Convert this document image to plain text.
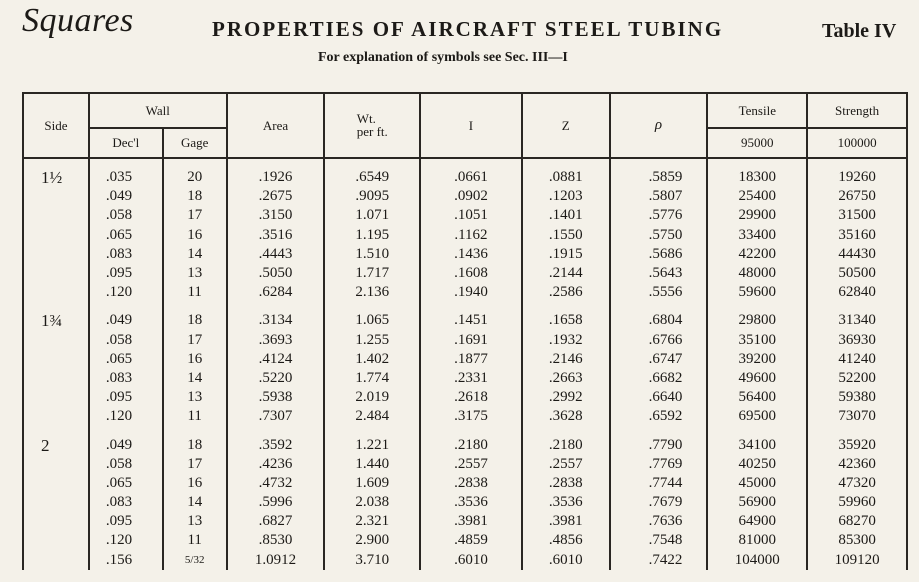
Squares	PROPERTIES OF AIRCRAFT STEEL TUBING	Table IV
For explanation of symbols see Sec. III—I
Side	Wall		Area	Wt.
per ft.	I	Z	ρ	Tensile	Strength
	Dec'l	Gage						95000	100000
1½	.035	20	.1926	.6549	.0661	.0881	.5859	18300	19260
	.049	18	.2675	.9095	.0902	.1203	.5807	25400	26750
	.058	17	.3150	1.071	.1051	.1401	.5776	29900	31500
	.065	16	.3516	1.195	.1162	.1550	.5750	33400	35160
	.083	14	.4443	1.510	.1436	.1915	.5686	42200	44430
	.095	13	.5050	1.717	.1608	.2144	.5643	48000	50500
	.120	11	.6284	2.136	.1940	.2586	.5556	59600	62840
1¾	.049	18	.3134	1.065	.1451	.1658	.6804	29800	31340
	.058	17	.3693	1.255	.1691	.1932	.6766	35100	36930
	.065	16	.4124	1.402	.1877	.2146	.6747	39200	41240
	.083	14	.5220	1.774	.2331	.2663	.6682	49600	52200
	.095	13	.5938	2.019	.2618	.2992	.6640	56400	59380
	.120	11	.7307	2.484	.3175	.3628	.6592	69500	73070
2	.049	18	.3592	1.221	.2180	.2180	.7790	34100	35920
	.058	17	.4236	1.440	.2557	.2557	.7769	40250	42360
	.065	16	.4732	1.609	.2838	.2838	.7744	45000	47320
	.083	14	.5996	2.038	.3536	.3536	.7679	56900	59960
	.095	13	.6827	2.321	.3981	.3981	.7636	64900	68270
	.120	11	.8530	2.900	.4859	.4856	.7548	81000	85300
	.156	5/32	1.0912	3.710	.6010	.6010	.7422	104000	109120
